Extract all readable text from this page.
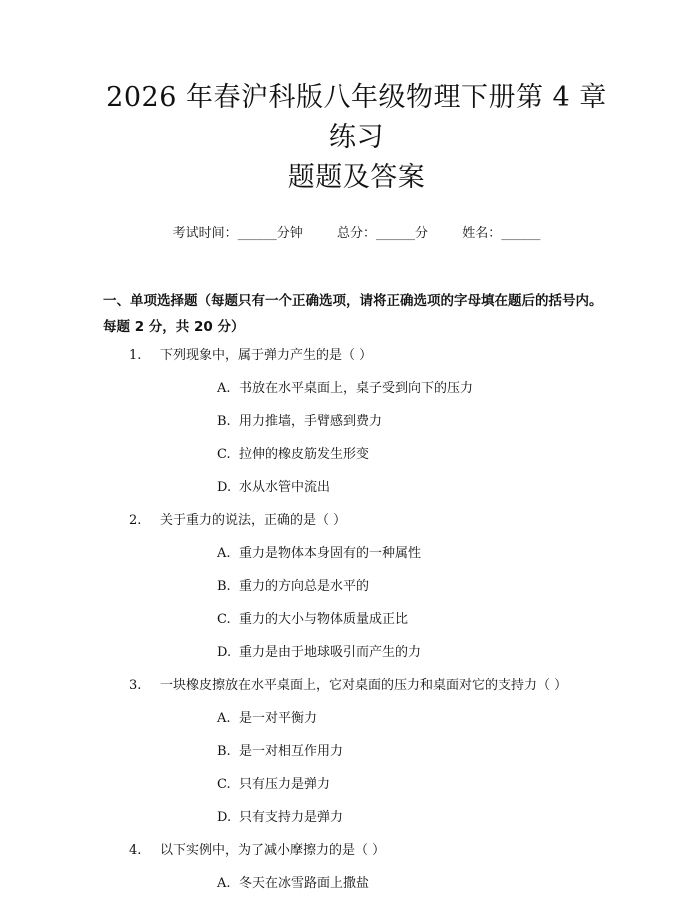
2026 年春沪科版八年级物理下册第 4 章练习
题题及答案
考试时间：______分钟	总分：______分	姓名：______
一、单项选择题（每题只有一个正确选项，请将正确选项的字母填在题后的括号内。每题 2 分，共 20 分）
1. 下列现象中，属于弹力产生的是（ ）
A. 书放在水平桌面上，桌子受到向下的压力
B. 用力推墙，手臂感到费力
C. 拉伸的橡皮筋发生形变
D. 水从水管中流出
2. 关于重力的说法，正确的是（ ）
A. 重力是物体本身固有的一种属性
B. 重力的方向总是水平的
C. 重力的大小与物体质量成正比
D. 重力是由于地球吸引而产生的力
3. 一块橡皮擦放在水平桌面上，它对桌面的压力和桌面对它的支持力（ ）
A. 是一对平衡力
B. 是一对相互作用力
C. 只有压力是弹力
D. 只有支持力是弹力
4. 以下实例中，为了减小摩擦力的是（ ）
A. 冬天在冰雪路面上撒盐
